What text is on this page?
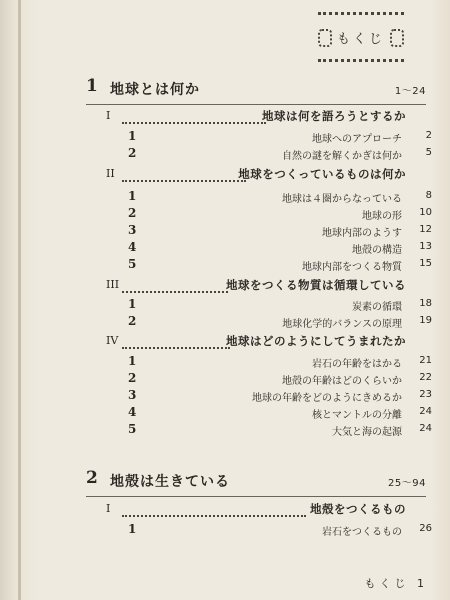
もくじ
1 地球とは何か	1～24
I	地球は何を語ろうとするか
1	地球へのアプローチ	2
2	自然の謎を解くかぎは何か	5
II	地球をつくっているものは何か
1	地球は４圏からなっている	8
2	地球の形	10
3	地球内部のようす	12
4	地殻の構造	13
5	地球内部をつくる物質	15
III	地球をつくる物質は循環している
1	炭素の循環	18
2	地球化学的バランスの原理	19
IV	地球はどのようにしてうまれたか
1	岩石の年齢をはかる	21
2	地殻の年齢はどのくらいか	22
3	地球の年齢をどのようにきめるか	23
4	核とマントルの分離	24
5	大気と海の起源	24
2 地殻は生きている	25～94
I	地殻をつくるもの
1	岩石をつくるもの	26
もくじ 1
